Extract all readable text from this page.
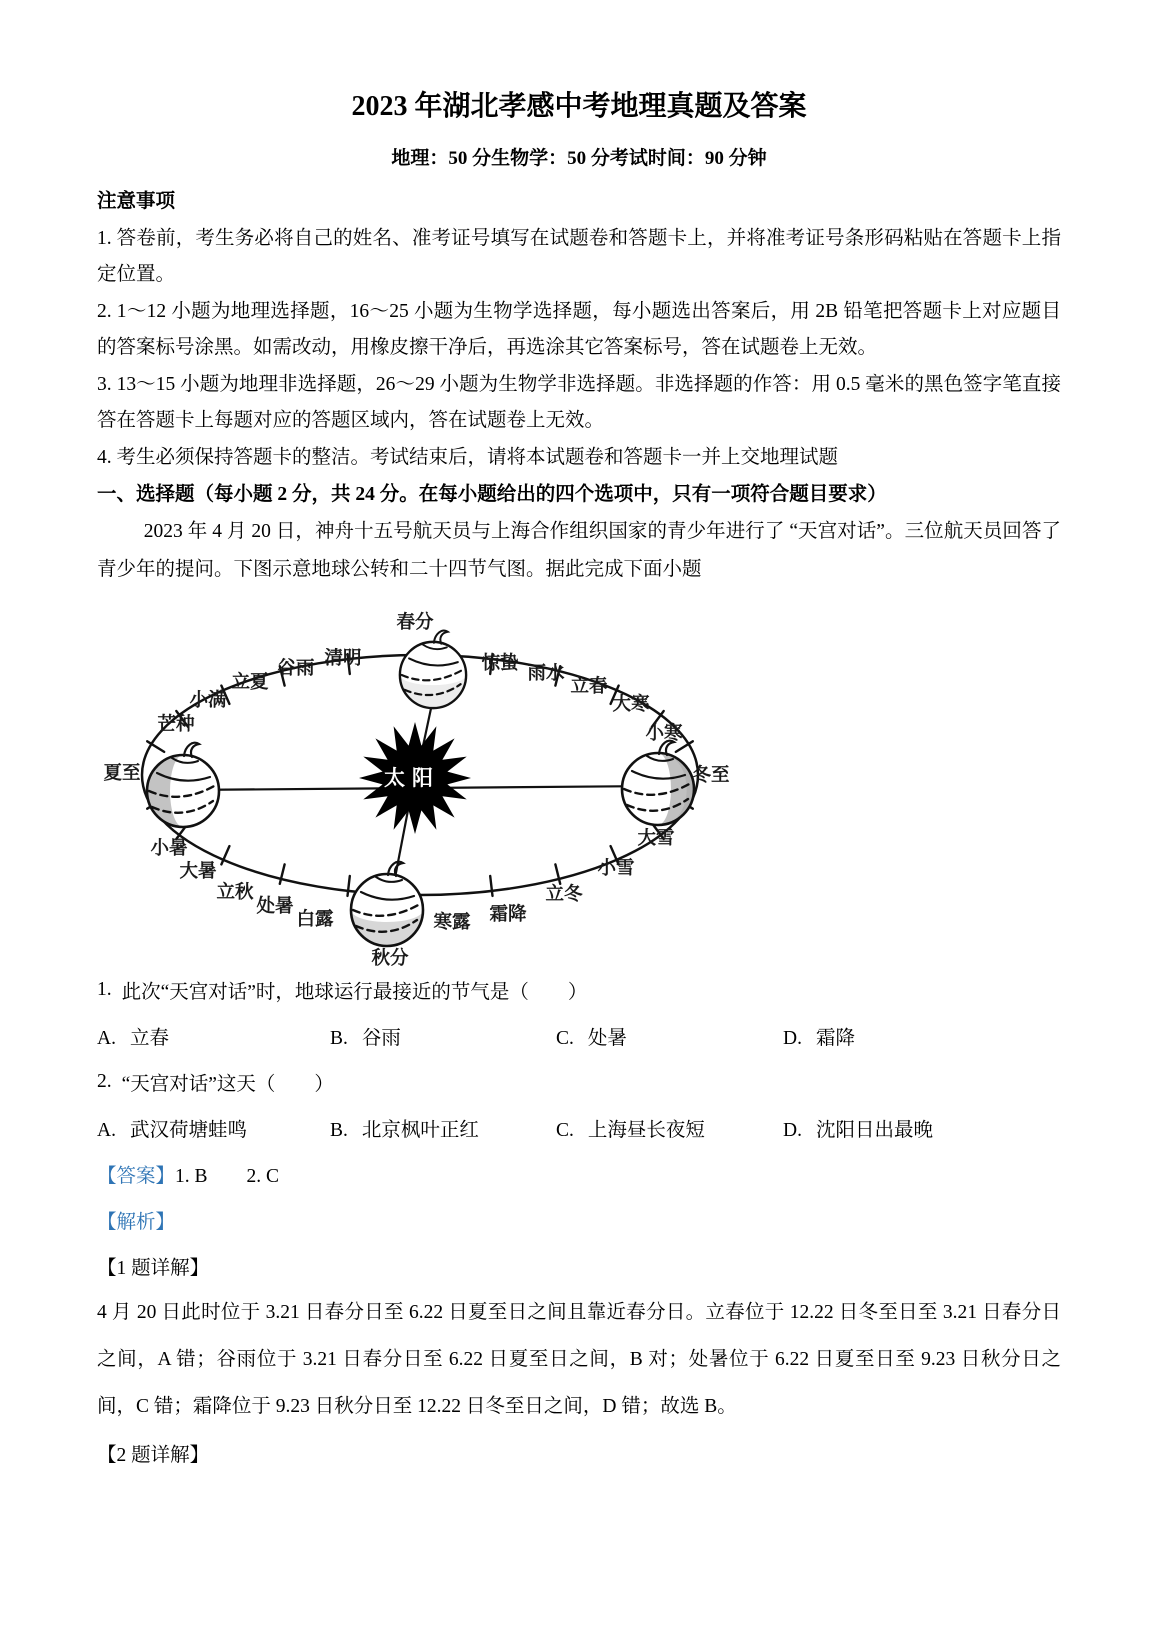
2023 年湖北孝感中考地理真题及答案
地理：50 分生物学：50 分考试时间：90 分钟

注意事项

1. 答卷前，考生务必将自己的姓名、准考证号填写在试题卷和答题卡上，并将准考证号条形码粘贴在答题卡上指定位置。

2. 1～12 小题为地理选择题，16～25 小题为生物学选择题，每小题选出答案后，用 2B 铅笔把答题卡上对应题目的答案标号涂黑。如需改动，用橡皮擦干净后，再选涂其它答案标号，答在试题卷上无效。

3. 13～15 小题为地理非选择题，26～29 小题为生物学非选择题。非选择题的作答：用 0.5 毫米的黑色签字笔直接答在答题卡上每题对应的答题区域内，答在试题卷上无效。

4. 考生必须保持答题卡的整洁。考试结束后，请将本试题卷和答题卡一并上交地理试题

一、选择题（每小题 2 分，共 24 分。在每小题给出的四个选项中，只有一项符合题目要求）

2023 年 4 月 20 日，神舟十五号航天员与上海合作组织国家的青少年进行了 “天宫对话”。三位航天员回答了青少年的提问。下图示意地球公转和二十四节气图。据此完成下面小题

太阳
春分
清明
谷雨
立夏
小满
芒种
夏至
小暑
大暑
立秋
处暑
白露
秋分
寒露 霜降
立冬
小雪
大雪
冬至
小寒
大寒
立春
雨水
惊蛰

1. 此次“天宫对话”时，地球运行最接近的节气是（　　）

A. 立春	B. 谷雨	C. 处暑	D. 霜降

2. “天宫对话”这天（　　）

A. 武汉荷塘蛙鸣	B. 北京枫叶正红	C. 上海昼长夜短	D. 沈阳日出最晚

【答案】 1. B　　2. C

【解析】

【1 题详解】

4 月 20 日此时位于 3.21 日春分日至 6.22 日夏至日之间且靠近春分日。立春位于 12.22 日冬至日至 3.21 日春分日之间，A 错；谷雨位于 3.21 日春分日至 6.22 日夏至日之间，B 对；处暑位于 6.22 日夏至日至 9.23 日秋分日之间，C 错；霜降位于 9.23 日秋分日至 12.22 日冬至日之间，D 错；故选 B。

【2 题详解】
